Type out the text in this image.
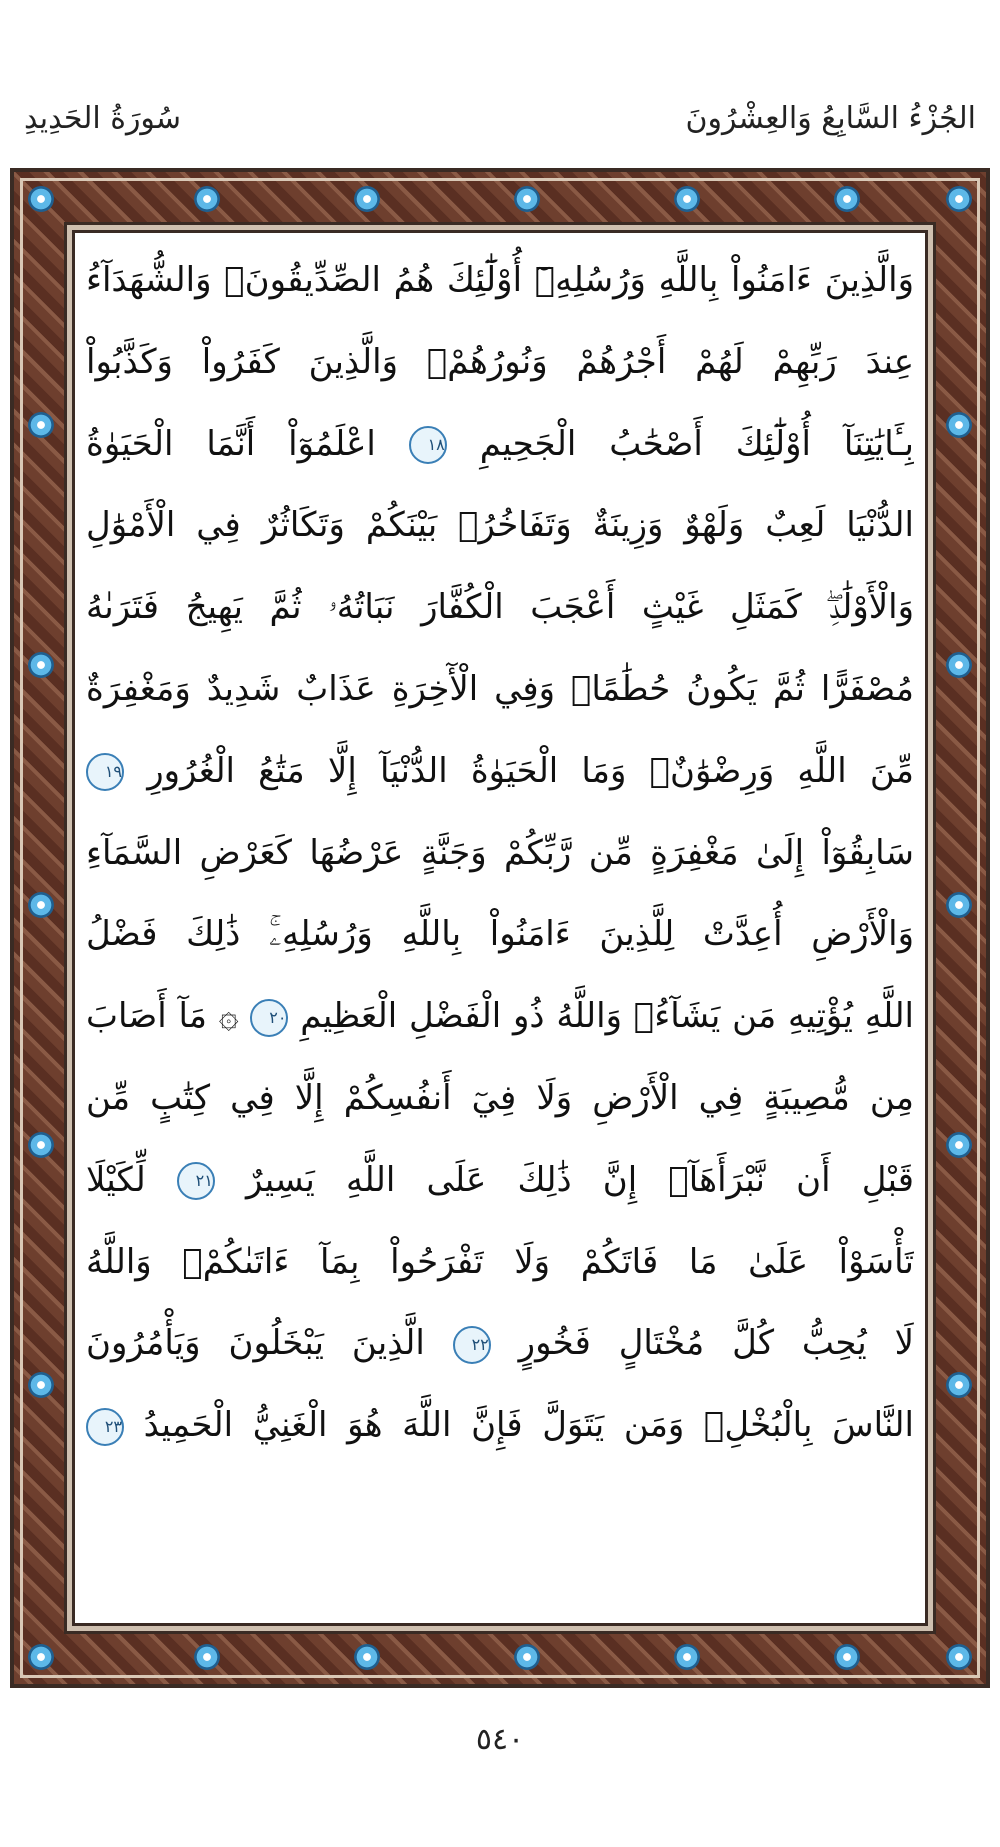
الجُزْءُ السَّابِعُ وَالعِشْرُونَ
سُورَةُ الحَدِيدِ
وَالَّذِينَ ءَامَنُواْ بِاللَّهِ وَرُسُلِهِۦٓ أُوْلَٰٓئِكَ هُمُ الصِّدِّيقُونَۖ وَالشُّهَدَآءُ
عِندَ رَبِّهِمْ لَهُمْ أَجْرُهُمْ وَنُورُهُمْۖ وَالَّذِينَ كَفَرُواْ وَكَذَّبُواْ
بِـَٔايَٰتِنَآ أُوْلَٰٓئِكَ أَصْحَٰبُ الْجَحِيمِ ١٨ اعْلَمُوٓاْ أَنَّمَا الْحَيَوٰةُ
الدُّنْيَا لَعِبٌ وَلَهْوٌ وَزِينَةٌ وَتَفَاخُرُۢ بَيْنَكُمْ وَتَكَاثُرٌ فِي الْأَمْوَٰلِ
وَالْأَوْلَٰدِۖ كَمَثَلِ غَيْثٍ أَعْجَبَ الْكُفَّارَ نَبَاتُهُۥ ثُمَّ يَهِيجُ فَتَرَىٰهُ
مُصْفَرًّا ثُمَّ يَكُونُ حُطَٰمًاۖ وَفِي الْأٓخِرَةِ عَذَابٌ شَدِيدٌ وَمَغْفِرَةٌ
مِّنَ اللَّهِ وَرِضْوَٰنٌۚ وَمَا الْحَيَوٰةُ الدُّنْيَآ إِلَّا مَتَٰعُ الْغُرُورِ ١٩
سَابِقُوٓاْ إِلَىٰ مَغْفِرَةٍ مِّن رَّبِّكُمْ وَجَنَّةٍ عَرْضُهَا كَعَرْضِ السَّمَآءِ
وَالْأَرْضِ أُعِدَّتْ لِلَّذِينَ ءَامَنُواْ بِاللَّهِ وَرُسُلِهِۦۚ ذَٰلِكَ فَضْلُ
اللَّهِ يُؤْتِيهِ مَن يَشَآءُۚ وَاللَّهُ ذُو الْفَضْلِ الْعَظِيمِ ٢٠ ۞ مَآ أَصَابَ
مِن مُّصِيبَةٍ فِي الْأَرْضِ وَلَا فِيٓ أَنفُسِكُمْ إِلَّا فِي كِتَٰبٍ مِّن
قَبْلِ أَن نَّبْرَأَهَآۚ إِنَّ ذَٰلِكَ عَلَى اللَّهِ يَسِيرٌ ٢١ لِّكَيْلَا
تَأْسَوْاْ عَلَىٰ مَا فَاتَكُمْ وَلَا تَفْرَحُواْ بِمَآ ءَاتَىٰكُمْۗ وَاللَّهُ
لَا يُحِبُّ كُلَّ مُخْتَالٍ فَخُورٍ ٢٢ الَّذِينَ يَبْخَلُونَ وَيَأْمُرُونَ
النَّاسَ بِالْبُخْلِۗ وَمَن يَتَوَلَّ فَإِنَّ اللَّهَ هُوَ الْغَنِيُّ الْحَمِيدُ ٢٣
٥٤٠
